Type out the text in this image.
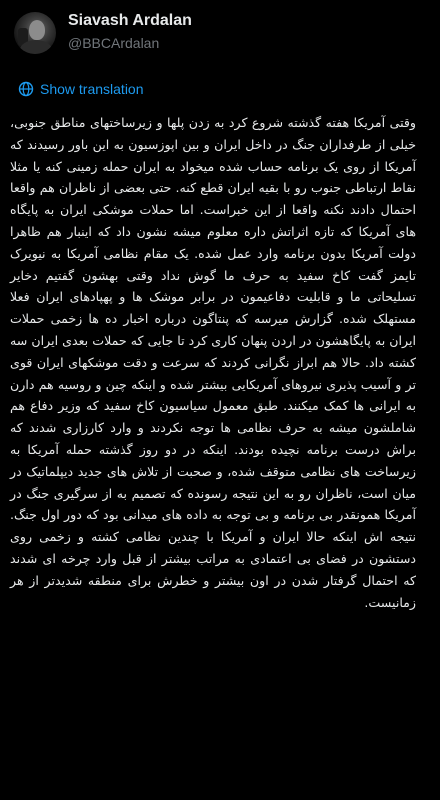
Siavash Ardalan
@BBCArdalan
Show translation
وقتی آمریکا هفته گذشته شروع کرد به زدن پلها و زیرساختهای مناطق جنوبی، خیلی از طرفداران جنگ در داخل ایران و بین اپوزسیون به این باور رسیدند که آمریکا از روی یک برنامه حساب شده میخواد به ایران حمله زمینی کنه یا مثلا نقاط ارتباطی جنوب رو با بقیه ایران قطع کنه. حتی بعضی از ناظران هم واقعا احتمال دادند نکنه واقعا از این خبراست. اما حملات موشکی ایران به پایگاه های آمریکا که تازه اثراتش داره معلوم میشه نشون داد که اینبار هم ظاهرا دولت آمریکا بدون برنامه وارد عمل شده. یک مقام نظامی آمریکا به نیویرک تایمز گفت کاخ سفید به حرف ما گوش نداد وقتی بهشون گفتیم دخایر تسلیحاتی ما و قابلیت دفاعیمون در برابر موشک ها و پهپادهای ایران فعلا مستهلک شده. گزارش میرسه که پنتاگون درباره اخبار ده ها زخمی حملات ایران به پایگاهشون در اردن پنهان کاری کرد تا جایی که حملات بعدی ایران سه کشته داد. حالا هم ابراز نگرانی کردند که سرعت و دقت موشکهای ایران قوی تر و آسیب پذیری نیروهای آمریکایی بیشتر شده و اینکه چین و روسیه هم دارن به ایرانی ها کمک میکنند. طبق معمول سیاسیون کاخ سفید که وزیر دفاع هم شاملشون میشه به حرف نظامی ها توجه نکردند و وارد کارزاری شدند که براش درست برنامه نچیده بودند. اینکه در دو روز گذشته حمله آمریکا به زیرساخت های نظامی متوقف شده، و صحبت از تلاش های جدید دیپلماتیک در میان است، ناظران رو به این نتیجه رسونده که تصمیم به از سرگیری جنگ در آمریکا همونقدر بی برنامه و بی توجه به داده های میدانی بود که دور اول جنگ. نتیجه اش اینکه حالا ایران و آمریکا با چندین نظامی کشته و زخمی روی دستشون در فضای بی اعتمادی به مراتب بیشتر از قبل وارد چرخه ای شدند که احتمال گرفتار شدن در اون بیشتر و خطرش برای منطقه شدیدتر از هر زمانیست.
